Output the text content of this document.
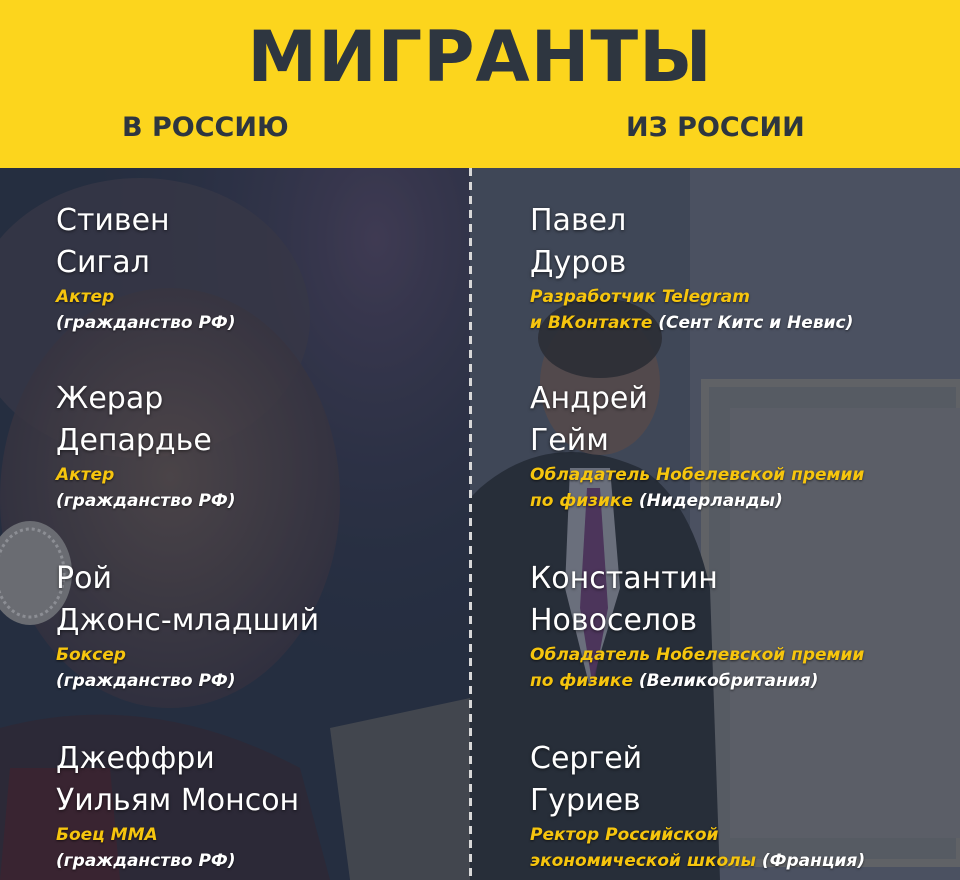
МИГРАНТЫ
В РОССИЮ	ИЗ РОССИИ
Стивен
Сигал
Актер
(гражданство РФ)
Жерар
Депардье
Актер
(гражданство РФ)
Рой
Джонс-младший
Боксер
(гражданство РФ)
Джеффри
Уильям Монсон
Боец ММА
(гражданство РФ)
Павел
Дуров
Разработчик Telegram
и ВКонтакте (Сент Китс и Невис)
Андрей
Гейм
Обладатель Нобелевской премии
по физике (Нидерланды)
Константин
Новоселов
Обладатель Нобелевской премии
по физике (Великобритания)
Сергей
Гуриев
Ректор Российской
экономической школы (Франция)
